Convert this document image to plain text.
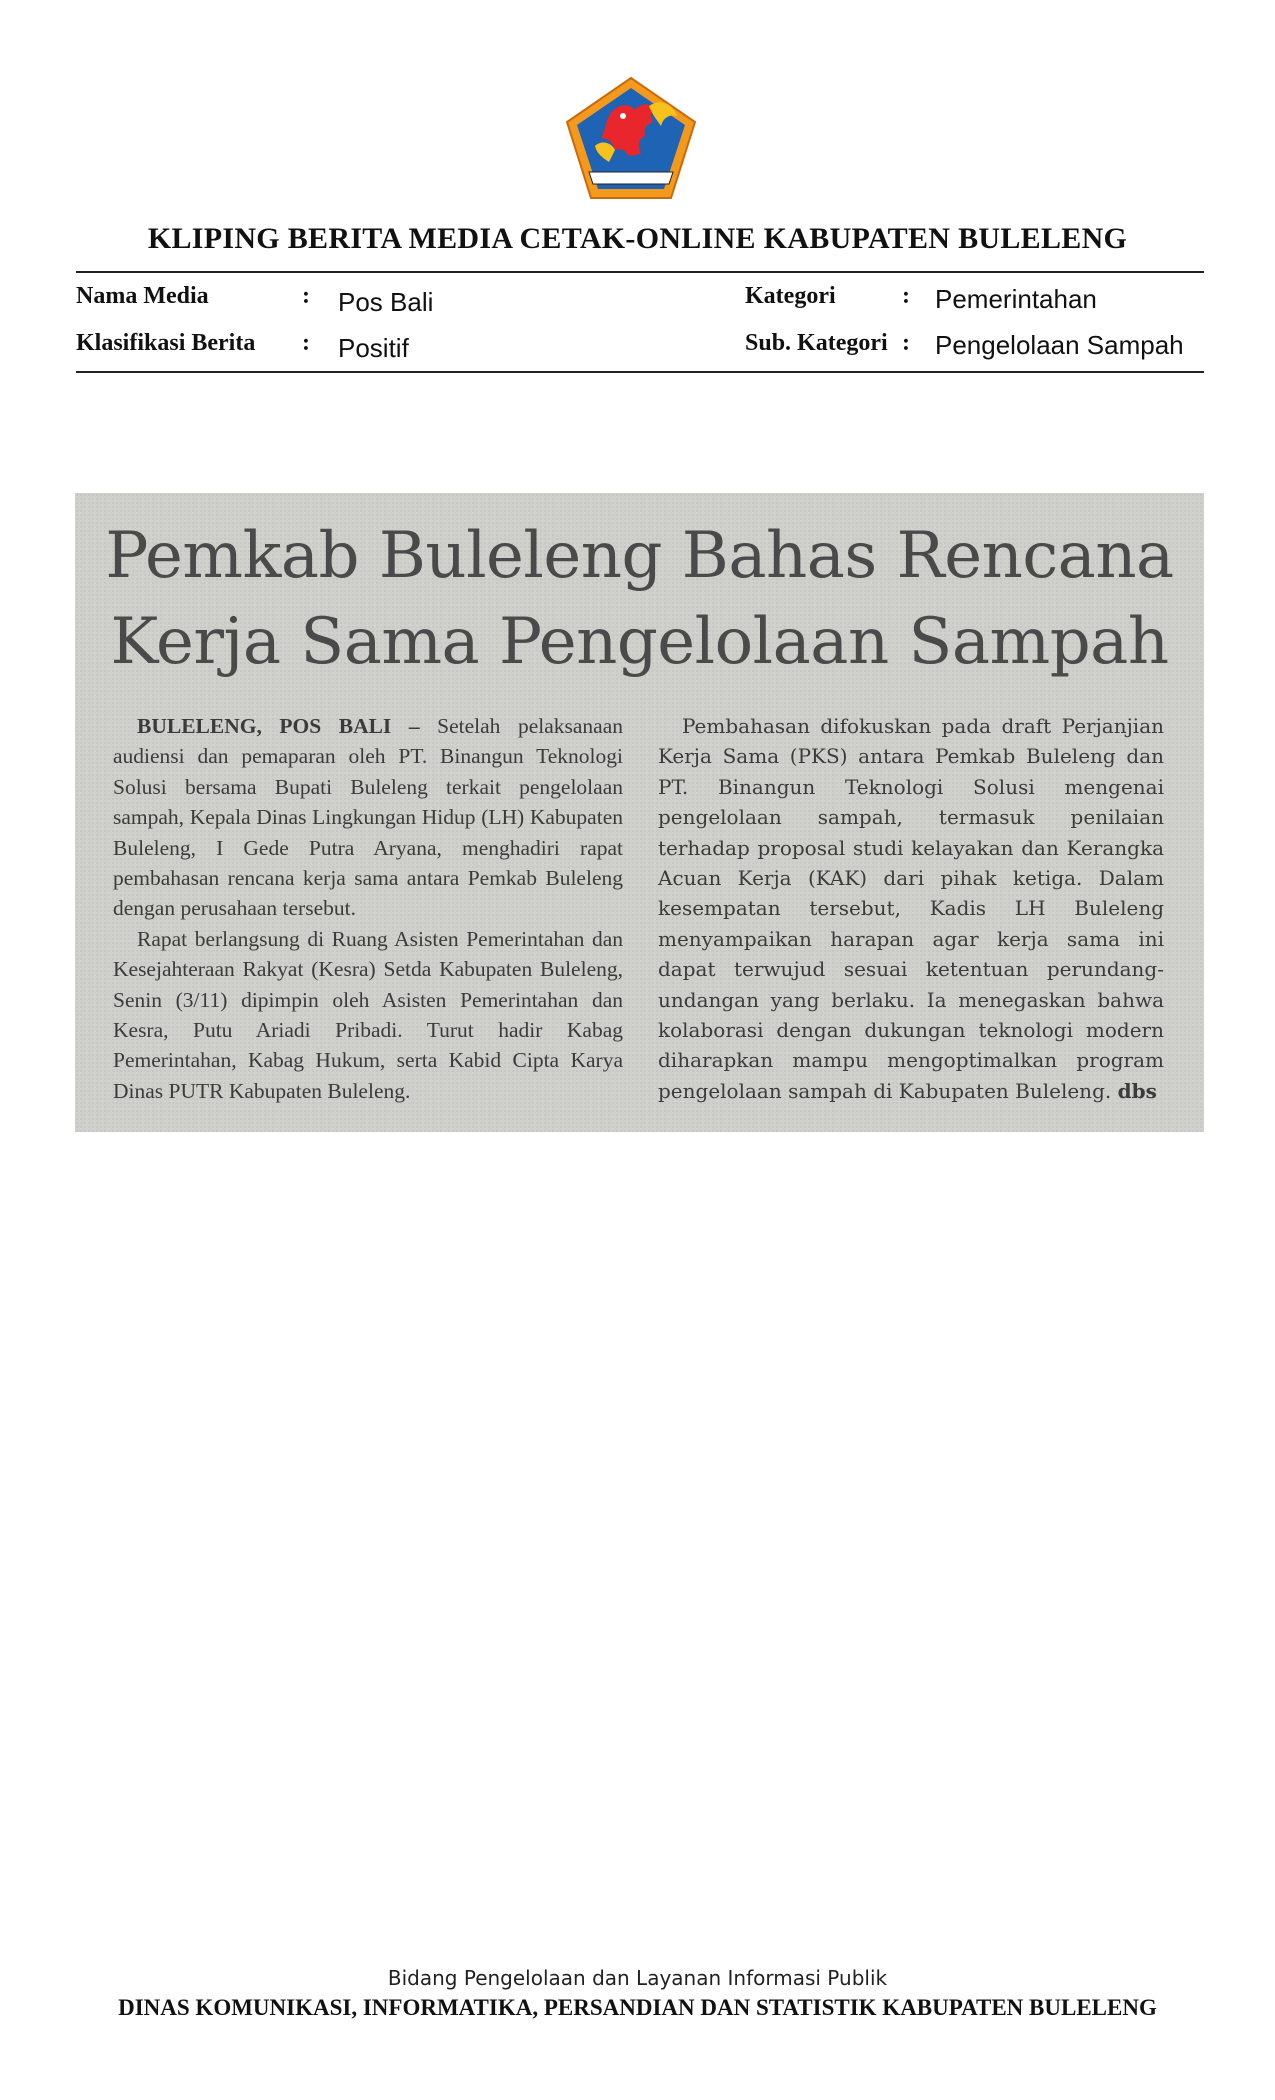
KLIPING BERITA MEDIA CETAK-ONLINE KABUPATEN BULELENG
Nama Media	: Pos Bali
Klasifikasi Berita : Positif
Kategori	: Pemerintahan
Sub. Kategori : Pengelolaan Sampah
Pemkab Buleleng Bahas Rencana
Kerja Sama Pengelolaan Sampah

BULELENG, POS BALI – Setelah pelaksanaan audiensi dan pemaparan oleh PT. Binangun Teknologi Solusi bersama Bupati Buleleng terkait pengelolaan sampah, Kepala Dinas Lingkungan Hidup (LH) Kabupaten Buleleng, I Gede Putra Aryana, menghadiri rapat pembahasan rencana kerja sama antara Pemkab Buleleng dengan perusahaan tersebut.

Rapat berlangsung di Ruang Asisten Pemerintahan dan Kesejahteraan Rakyat (Kesra) Setda Kabupaten Buleleng, Senin (3/11) dipimpin oleh Asisten Pemerintahan dan Kesra, Putu Ariadi Pribadi. Turut hadir Kabag Pemerintahan, Kabag Hukum, serta Kabid Cipta Karya Dinas PUTR Kabupaten Buleleng.

Pembahasan difokuskan pada draft Perjanjian Kerja Sama (PKS) antara Pemkab Buleleng dan PT. Binangun Teknologi Solusi mengenai pengelolaan sampah, termasuk penilaian terhadap proposal studi kelayakan dan Kerangka Acuan Kerja (KAK) dari pihak ketiga. Dalam kesempatan tersebut, Kadis LH Buleleng menyampaikan harapan agar kerja sama ini dapat terwujud sesuai ketentuan perundang-undangan yang berlaku. Ia menegaskan bahwa kolaborasi dengan dukungan teknologi modern diharapkan mampu mengoptimalkan program pengelolaan sampah di Kabupaten Buleleng. dbs

Bidang Pengelolaan dan Layanan Informasi Publik
DINAS KOMUNIKASI, INFORMATIKA, PERSANDIAN DAN STATISTIK KABUPATEN BULELENG
